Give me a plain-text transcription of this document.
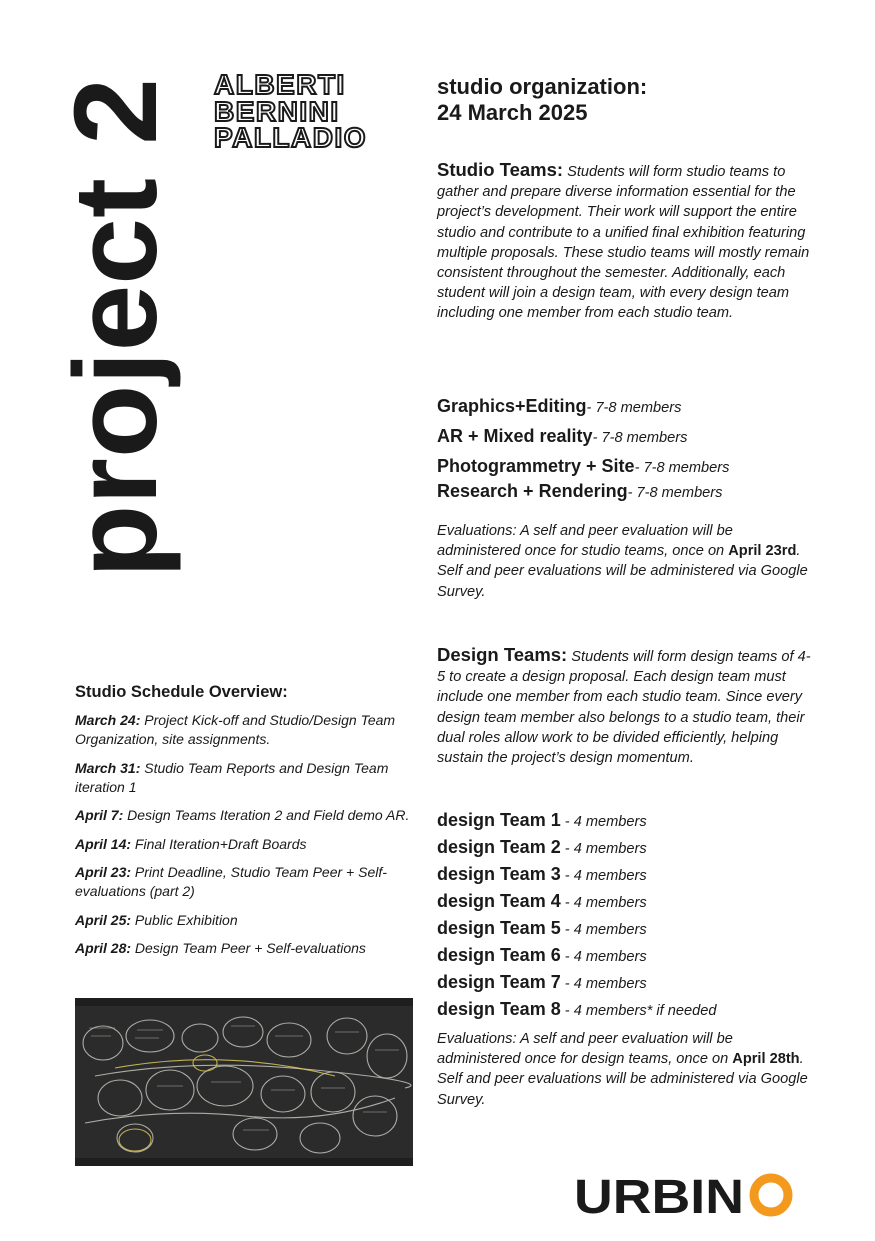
project 2
ALBERTI
BERNINI
PALLADIO
studio organization:
24 March 2025
Studio Teams: Students will form studio teams to gather and prepare diverse information essential for the project’s development. Their work will support the entire studio and contribute to a unified final exhibition featuring multiple proposals. These studio teams will mostly remain consistent throughout the semester. Additionally, each student will join a design team, with every design team including one member from each studio team.
Graphics+Editing- 7-8 members
AR + Mixed reality- 7-8 members
Photogrammetry + Site- 7-8 members
Research + Rendering- 7-8 members
Evaluations: A self and peer evaluation will be administered once for studio teams, once on April 23rd. Self and peer evaluations will be administered via Google Survey.
Design Teams: Students will form design teams of 4-5 to create a design proposal. Each design team must include one member from each studio team. Since every design team member also belongs to a studio team, their dual roles allow work to be divided efficiently, helping sustain the project’s design momentum.
design Team 1 - 4 members
design Team 2 - 4 members
design Team 3 - 4 members
design Team 4 - 4 members
design Team 5 - 4 members
design Team 6 - 4 members
design Team 7 - 4 members
design Team 8 - 4 members* if needed
Evaluations: A self and peer evaluation will be administered once for design teams, once on April 28th. Self and peer evaluations will be administered via Google Survey.
Studio Schedule Overview:
March 24: Project Kick-off and Studio/Design Team Organization, site assignments.
March 31: Studio Team Reports and Design Team iteration 1
April 7: Design Teams Iteration 2 and Field demo AR.
April 14: Final Iteration+Draft Boards
April 23: Print Deadline, Studio Team Peer + Self-evaluations (part 2)
April 25: Public Exhibition
April 28: Design Team Peer + Self-evaluations
URBIN
